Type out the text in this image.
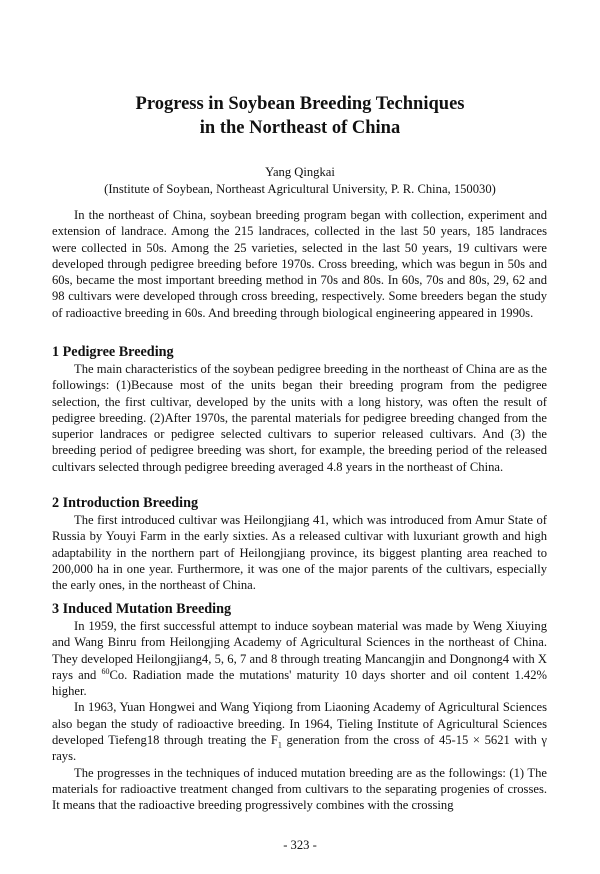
Progress in Soybean Breeding Techniques
in the Northeast of China
Yang Qingkai
(Institute of Soybean, Northeast Agricultural University, P. R. China, 150030)

In the northeast of China, soybean breeding program began with collection, experiment and extension of landrace. Among the 215 landraces, collected in the last 50 years, 185 landraces were collected in 50s. Among the 25 varieties, selected in the last 50 years, 19 cultivars were developed through pedigree breeding before 1970s. Cross breeding, which was begun in 50s and 60s, became the most important breeding method in 70s and 80s. In 60s, 70s and 80s, 29, 62 and 98 cultivars were developed through cross breeding, respectively. Some breeders began the study of radioactive breeding in 60s. And breeding through biological engineering appeared in 1990s.

1 Pedigree Breeding

The main characteristics of the soybean pedigree breeding in the northeast of China are as the followings: (1)Because most of the units began their breeding program from the pedigree selection, the first cultivar, developed by the units with a long history, was often the result of pedigree breeding. (2)After 1970s, the parental materials for pedigree breeding changed from the superior landraces or pedigree selected cultivars to superior released cultivars. And (3) the breeding period of pedigree breeding was short, for example, the breeding period of the released cultivars selected through pedigree breeding averaged 4.8 years in the northeast of China.

2 Introduction Breeding

The first introduced cultivar was Heilongjiang 41, which was introduced from Amur State of Russia by Youyi Farm in the early sixties. As a released cultivar with luxuriant growth and high adaptability in the northern part of Heilongjiang province, its biggest planting area reached to 200,000 ha in one year. Furthermore, it was one of the major parents of the cultivars, especially the early ones, in the northeast of China.

3 Induced Mutation Breeding

In 1959, the first successful attempt to induce soybean material was made by Weng Xiuying and Wang Binru from Heilongjing Academy of Agricultural Sciences in the northeast of China. They developed Heilongjiang4, 5, 6, 7 and 8 through treating Mancangjin and Dongnong4 with X rays and $^{60}$Co. Radiation made the mutations' maturity 10 days shorter and oil content 1.42% higher.

In 1963, Yuan Hongwei and Wang Yiqiong from Liaoning Academy of Agricultural Sciences also began the study of radioactive breeding. In 1964, Tieling Institute of Agricultural Sciences developed Tiefeng18 through treating the $F_1$ generation from the cross of 45-15 × 5621 with γ rays.

The progresses in the techniques of induced mutation breeding are as the followings: (1) The materials for radioactive treatment changed from cultivars to the separating progenies of crosses. It means that the radioactive breeding progressively combines with the crossing

- 323 -
